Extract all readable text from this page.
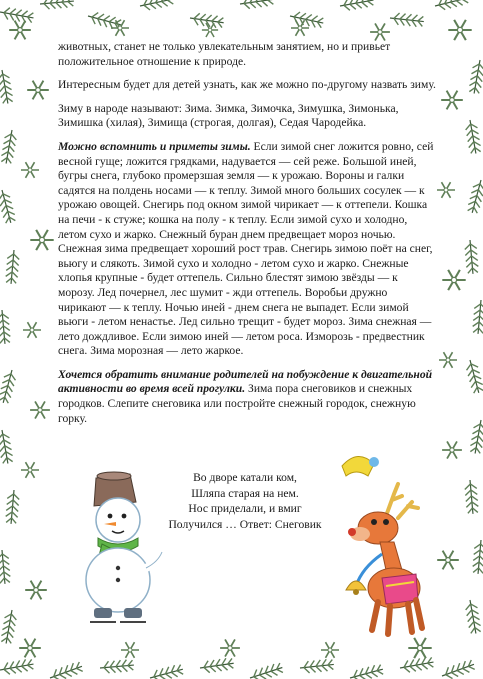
животных, станет не только увлекательным занятием, но и привьет положительное отношение к природе.

Интересным будет для детей узнать, как же можно по-другому назвать зиму.

Зиму в народе называют: Зима. Зимка, Зимочка, Зимушка, Зимонька, Зимишка (хилая), Зимища (строгая, долгая), Седая Чародейка.

Можно вспомнить и приметы зимы. Если зимой снег ложится ровно, сей весной гуще; ложится грядками, надувается — сей реже. Большой иней, бугры снега, глубоко промерзшая земля — к урожаю. Вороны и галки садятся на полдень носами — к теплу. Зимой много больших сосулек — к урожаю овощей. Снегирь под окном зимой чирикает — к оттепели. Кошка на печи - к стуже; кошка на полу - к теплу. Если зимой сухо и холодно, летом сухо и жарко. Снежный буран днем предвещает мороз ночью. Снежная зима предвещает хороший рост трав. Снегирь зимою поёт на снег, вьюгу и слякоть. Зимой сухо и холодно - летом сухо и жарко. Снежные хлопья крупные - будет оттепель. Сильно блестят зимою звёзды — к морозу. Лед почернел, лес шумит - жди оттепель. Воробьи дружно чирикают — к теплу. Ночью иней - днем снега не выпадет. Если зимой вьюги - летом ненастье. Лед сильно трещит - будет мороз. Зима снежная — лето дождливое. Если зимою иней — летом роса. Изморозь - предвестник снега. Зима морозная — лето жаркое.

Хочется обратить внимание родителей на побуждение к двигательной активности во время всей прогулки. Зима пора снеговиков и снежных городков. Слепите снеговика или постройте снежный городок, снежную горку.

Во дворе катали ком,
Шляпа старая на нем.
Нос приделали, и вмиг
Получился … Ответ: Снеговик
